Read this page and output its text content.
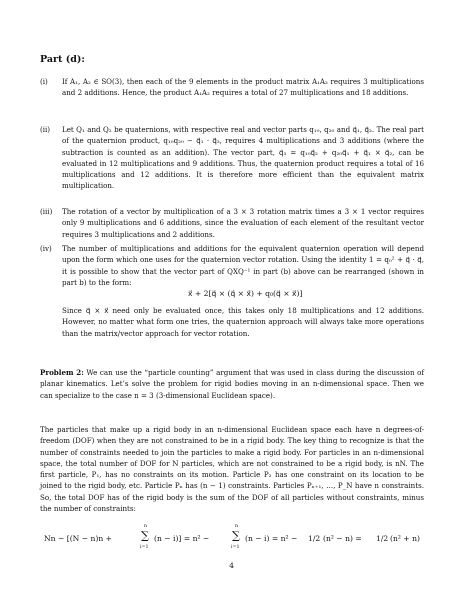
Part (d):
(i)	If A₁, A₂ ∈ SO(3), then each of the 9 elements in the product matrix A₁A₂ requires 3 multiplications and 2 additions. Hence, the product A₁A₂ requires a total of 27 multiplications and 18 additions.
(ii)	Let Q₁ and Q₂ be quaternions, with respective real and vector parts q₁₀, q₂₀ and q⃗₁, q⃗₂. The real part of the quaternion product, q₁₀q₂₀ − q⃗₁ · q⃗₂, requires 4 multiplications and 3 additions (where the subtraction is counted as an addition). The vector part, q⃗₃ = q₁₀q⃗₂ + q₂₀q⃗₁ + q⃗₁ × q⃗₂, can be evaluated in 12 multiplications and 9 additions. Thus, the quaternion product requires a total of 16 multiplications and 12 additions. It is therefore more efficient than the equivalent matrix multiplication.
(iii)	The rotation of a vector by multiplication of a 3 × 3 rotation matrix times a 3 × 1 vector requires only 9 multiplications and 6 additions, since the evaluation of each element of the resultant vector requires 3 multiplications and 2 additions.
(iv)	The number of multiplications and additions for the equivalent quaternion operation will depend upon the form which one uses for the quaternion vector rotation. Using the identity 1 = q₀² + q⃗ · q⃗, it is possible to show that the vector part of QXQ⁻¹ in part (b) above can be rearranged (shown in part b) to the form:
x⃗ + 2[q⃗ × (q⃗ × x⃗) + q₀(q⃗ × x⃗)]
Since q⃗ × x⃗ need only be evaluated once, this takes only 18 multiplications and 12 additions. However, no matter what form one tries, the quaternion approach will always take more operations than the matrix/vector approach for vector rotation.
Problem 2: We can use the “particle counting” argument that was used in class during the discussion of planar kinematics. Let’s solve the problem for rigid bodies moving in an n-dimensional space. Then we can specialize to the case n = 3 (3-dimensional Euclidean space).
The particles that make up a rigid body in an n-dimensional Euclidean space each have n degrees-of-freedom (DOF) when they are not constrained to be in a rigid body. The key thing to recognize is that the number of constraints needed to join the particles to make a rigid body. For particles in an n-dimensional space, the total number of DOF for N particles, which are not constrained to be a rigid body, is nN. The first particle, P₁, has no constraints on its motion. Particle P₂ has one constraint on its location to be joined to the rigid body, etc. Particle Pₙ has (n − 1) constraints. Particles Pₙ₊₁, …, P_N have n constraints. So, the total DOF has of the rigid body is the sum of the DOF of all particles without constraints, minus the number of constraints:
Nn − [(N − n)n +
n
∑
i=1
(n − i)] = n² −
n
∑
i=1
(n − i) = n² − 1/2 (n² − n) = 1/2 (n² + n)
4
